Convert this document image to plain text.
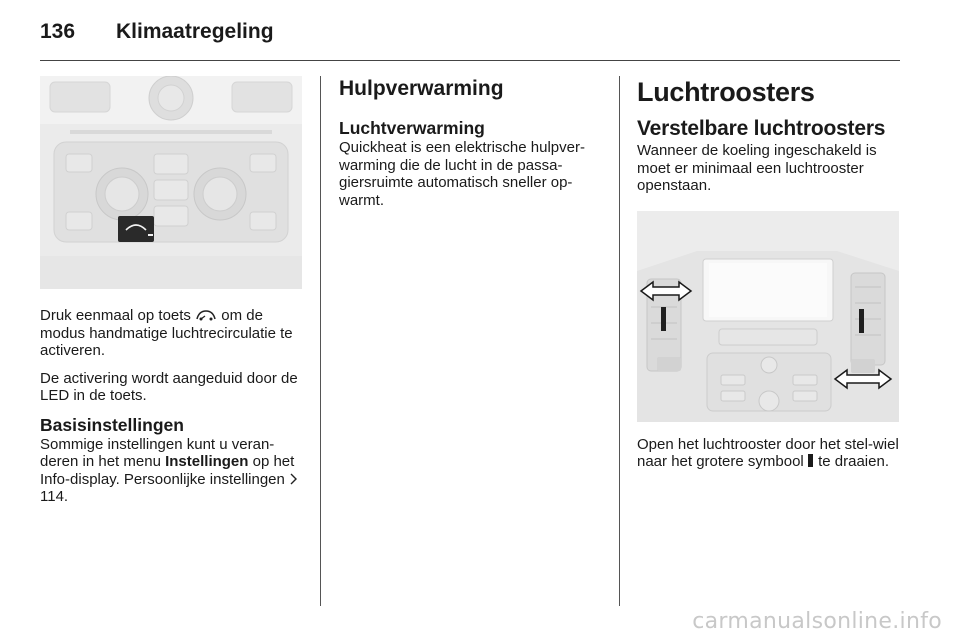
136 Klimaatregeling

Druk eenmaal op toets  om de modus handmatige luchtrecirculatie te activeren.

De activering wordt aangeduid door de LED in de toets.

Basisinstellingen

Sommige instellingen kunt u veran-deren in het menu Instellingen op het Info-display. Persoonlijke instellingen  114.

Hulpverwarming
Luchtverwarming

Quickheat is een elektrische hulpver-warming die de lucht in de passa-giersruimte automatisch sneller op-warmt.

Luchtroosters
Verstelbare luchtroosters

Wanneer de koeling ingeschakeld is moet er minimaal een luchtrooster openstaan.

Open het luchtrooster door het stel-wiel naar het grotere symbool  te draaien.

carmanualsonline.info
